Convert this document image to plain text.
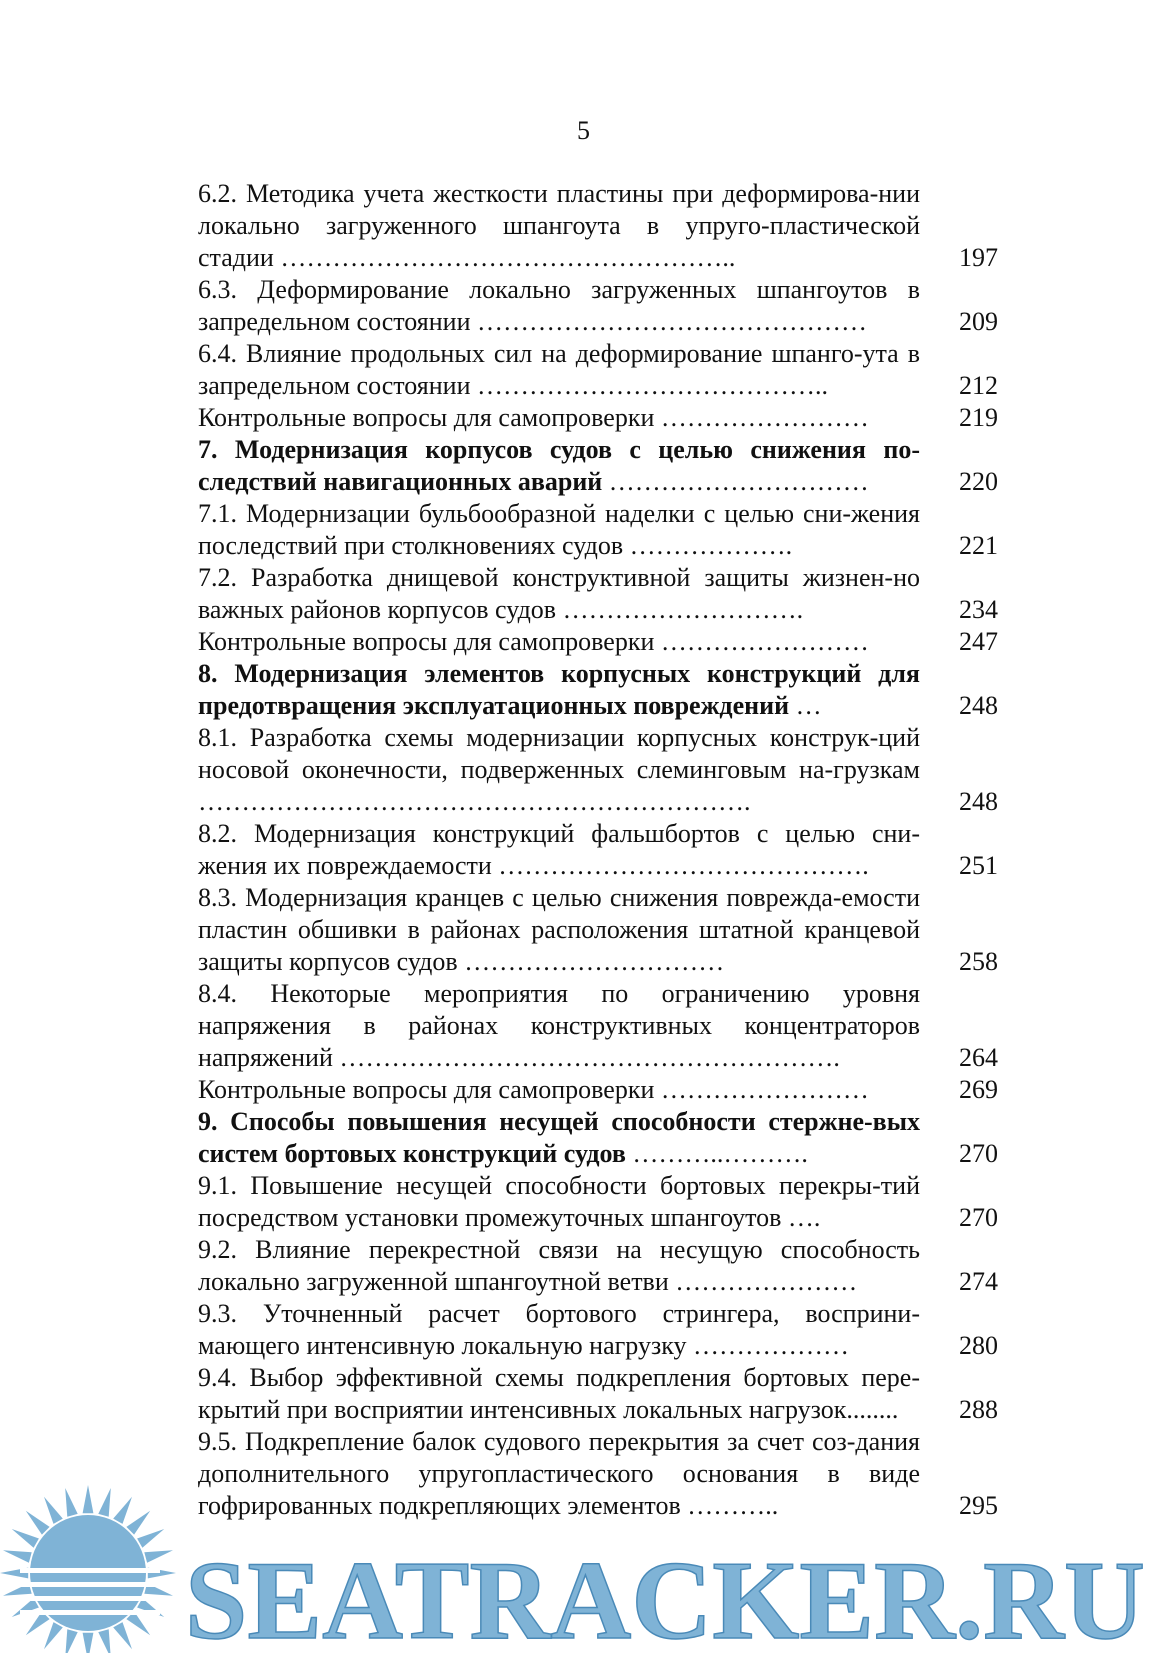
5
6.2. Методика учета жесткости пластины при деформирова-нии локально загруженного шпангоута в упруго-пластической стадии ……………………………………………..	197
6.3. Деформирование локально загруженных шпангоутов в запредельном состоянии ………………………………………	209
6.4. Влияние продольных сил на деформирование шпанго-ута в запредельном состоянии …………………………………..	212
Контрольные вопросы для самопроверки ……………………	219
7. Модернизация корпусов судов с целью снижения по-следствий навигационных аварий …………………………	220
7.1. Модернизации бульбообразной наделки с целью сни-жения последствий при столкновениях судов ……………….	221
7.2. Разработка днищевой конструктивной защиты жизнен-но важных районов корпусов судов ……………………….	234
Контрольные вопросы для самопроверки ……………………	247
8. Модернизация элементов корпусных конструкций для предотвращения эксплуатационных повреждений …	248
8.1. Разработка схемы модернизации корпусных конструк-ций носовой оконечности, подверженных слеминговым на-грузкам ……………………………………………………….	248
8.2. Модернизация конструкций фальшбортов с целью сни-жения их повреждаемости …………………………………….	251
8.3. Модернизация кранцев с целью снижения поврежда-емости пластин обшивки в районах расположения штатной кранцевой защиты корпусов судов …………………………	258
8.4. Некоторые мероприятия по ограничению уровня напряжения в районах конструктивных концентраторов напряжений ………………………………………………….	264
Контрольные вопросы для самопроверки ……………………	269
9. Способы повышения несущей способности стержне-вых систем бортовых конструкций судов ………..……….	270
9.1. Повышение несущей способности бортовых перекры-тий посредством установки промежуточных шпангоутов ….	270
9.2. Влияние перекрестной связи на несущую способность локально загруженной шпангоутной ветви …………………	274
9.3. Уточненный расчет бортового стрингера, восприни-мающего интенсивную локальную нагрузку ………………	280
9.4. Выбор эффективной схемы подкрепления бортовых пере-крытий при восприятии интенсивных локальных нагрузок........	288
9.5. Подкрепление балок судового перекрытия за счет соз-дания дополнительного упругопластического основания в виде гофрированных подкрепляющих элементов ………..	295
SEATRACKER.RU
